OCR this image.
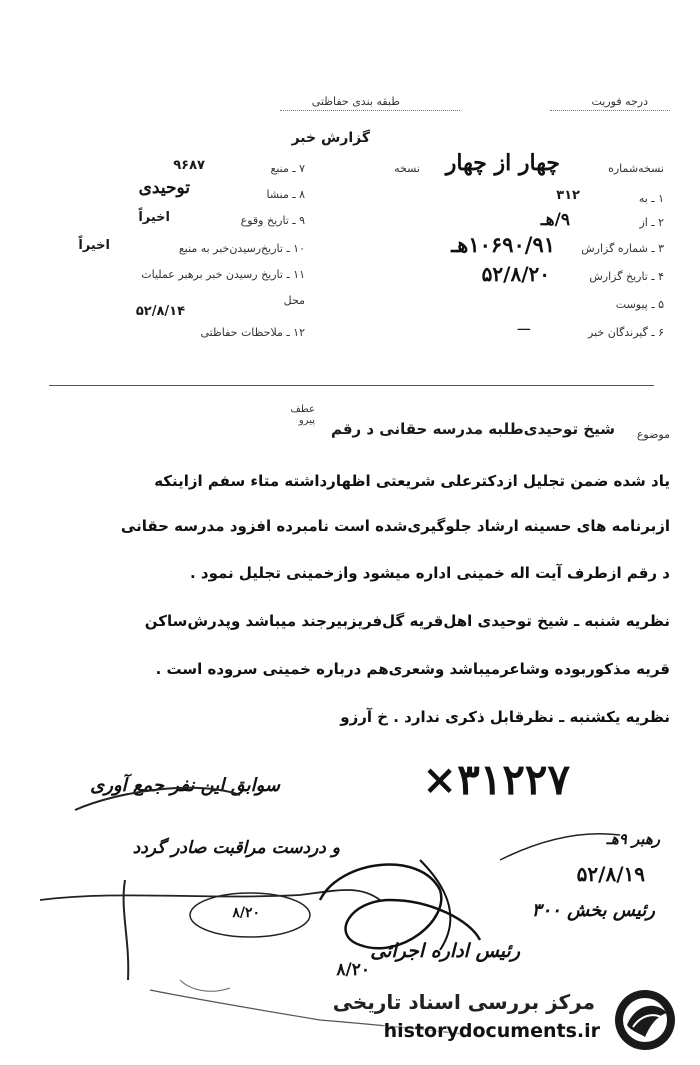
درجه فوریت
طبقه بندی حفاظتی
گزارش خبر
نسخه‌شماره
چهار از چهار
نسخه
۱ ـ به
۳۱۲
۲ ـ از
۹/هـ
۳ ـ شماره گزارش
۱۰۶۹۰/۹۱هـ
۴ ـ تاریخ گزارش
۵۲/۸/۲۰
۵ ـ پیوست
۶ ـ گیرندگان خبر
ـــ
۷ ـ منبع
۹۶۸۷
۸ ـ منشا
توحیدی
۹ ـ تاریخ وقوع
اخیراً
۱۰ ـ تاریخ‌رسیدن‌خبر به منبع
اخیراً
۱۱ ـ تاریخ رسیدن خبر برهبر عملیات
محل
۵۲/۸/۱۴
۱۲ ـ ملاحظات حفاظتی
موضوع
شیخ توحیدی‌طلبه مدرسه حقانی د رقم
عطف پیرو
یاد شده ضمن تجلیل ازدکترعلی شریعتی اظهارداشته متاء سفم ازاینکه
ازبرنامه های حسینه ارشاد جلوگیری‌شده است نامبرده افزود مدرسه حقانی
د رقم ازطرف آیت اله خمینی اداره میشود وازخمینی تجلیل نمود .
نظریه شنبه ـ شیخ توحیدی اهل‌قریه گل‌فریزبیرجند میباشد وپدرش‌ساکن
قریه مذکوربوده وشاعرمیباشد وشعری‌هم درباره خمینی سروده است .
نظریه یکشنبه ـ نظرقابل ذکری ندارد . خ آرزو
۳۱۲۲۷×
سوابق این نفر جمع آوری
و دردست مراقبت صادر گردد	رهبر ۹هـ
۵۲/۸/۱۹
رئیس بخش ۳۰۰
رئیس اداره اجرائی
۸/۲۰
۸/۲۰
مرکز بررسی اسناد تاریخی
historydocuments.ir
